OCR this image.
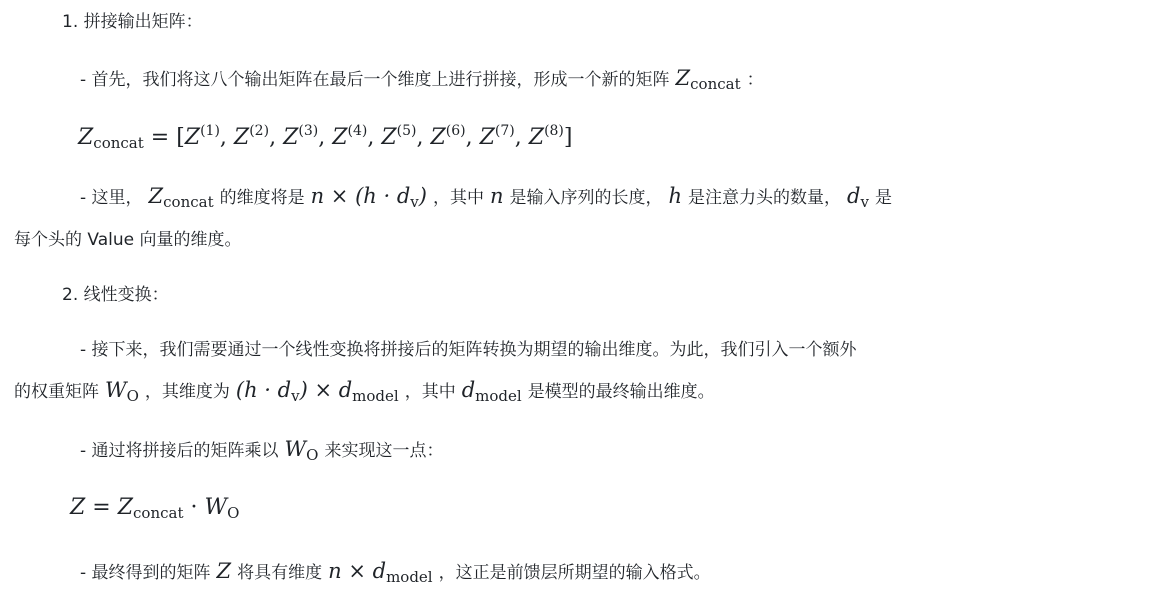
1. 拼接输出矩阵：
- 首先，我们将这八个输出矩阵在最后一个维度上进行拼接，形成一个新的矩阵 $Z_{concat}$ ：
$Z_{concat} = [Z^{(1)}$, $Z^{(2)}$, $Z^{(3)}$, $Z^{(4)}$, $Z^{(5)}$, $Z^{(6)}$, $Z^{(7)}$, $Z^{(8)}$]
- 这里， $Z_{concat}$ 的维度将是 $n \times (h \cdot d_v)$ ，其中 n 是输入序列的长度， h 是注意力头的数量， $d_v$ 是
每个头的 Value 向量的维度。
2. 线性变换：
- 接下来，我们需要通过一个线性变换将拼接后的矩阵转换为期望的输出维度。为此，我们引入一个额外
的权重矩阵 $W_O$ ，其维度为 $(h \cdot d_v) \times d_{model}$ ，其中 $d_{model}$ 是模型的最终输出维度。
- 通过将拼接后的矩阵乘以 $W_O$ 来实现这一点：
$Z = Z_{concat} \cdot W_O$
- 最终得到的矩阵 Z 将具有维度 $n \times d_{model}$ ，这正是前馈层所期望的输入格式。
